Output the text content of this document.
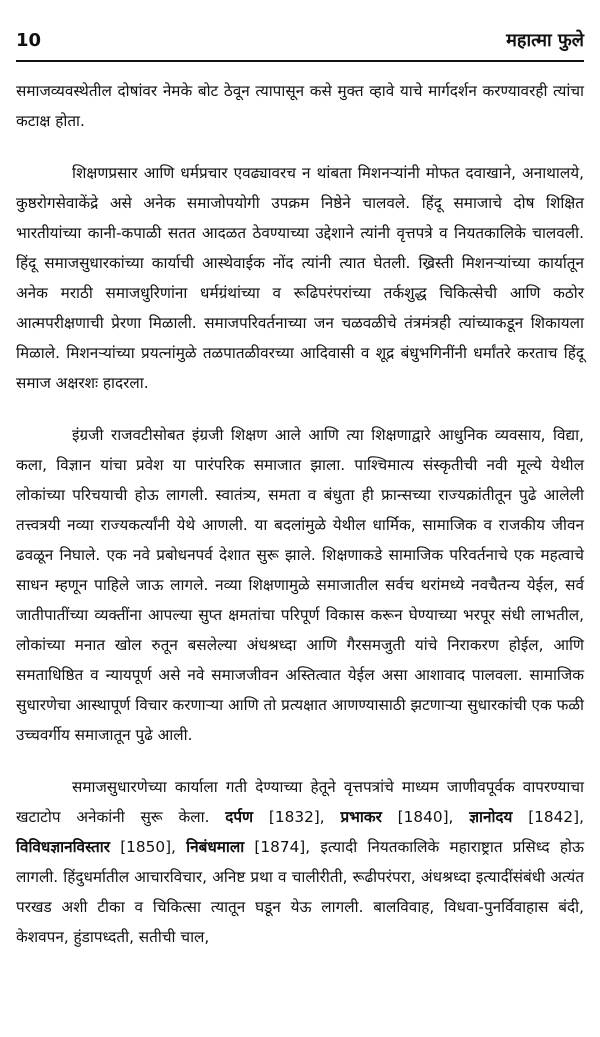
10	महात्मा फुले

समाजव्यवस्थेतील दोषांवर नेमके बोट ठेवून त्यापासून कसे मुक्त व्हावे याचे मार्गदर्शन करण्यावरही त्यांचा कटाक्ष होता.

शिक्षणप्रसार आणि धर्मप्रचार एवढ्यावरच न थांबता मिशनऱ्यांनी मोफत दवाखाने, अनाथालये, कुष्ठरोगसेवाकेंद्रे असे अनेक समाजोपयोगी उपक्रम निष्ठेने चालवले. हिंदू समाजाचे दोष शिक्षित भारतीयांच्या कानी-कपाळी सतत आदळत ठेवण्याच्या उद्देशाने त्यांनी वृत्तपत्रे व नियतकालिके चालवली. हिंदू समाजसुधारकांच्या कार्याची आस्थेवाईक नोंद त्यांनी त्यात घेतली. ख्रिस्ती मिशनऱ्यांच्या कार्यातून अनेक मराठी समाजधुरिणांना धर्मग्रंथांच्या व रूढिपरंपरांच्या तर्कशुद्ध चिकित्सेची आणि कठोर आत्मपरीक्षणाची प्रेरणा मिळाली. समाजपरिवर्तनाच्या जन चळवळीचे तंत्रमंत्रही त्यांच्याकडून शिकायला मिळाले. मिशनऱ्यांच्या प्रयत्नांमुळे तळपातळीवरच्या आदिवासी व शूद्र बंधुभगिनींनी धर्मांतरे करताच हिंदू समाज अक्षरशः हादरला.

इंग्रजी राजवटीसोबत इंग्रजी शिक्षण आले आणि त्या शिक्षणाद्वारे आधुनिक व्यवसाय, विद्या, कला, विज्ञान यांचा प्रवेश या पारंपरिक समाजात झाला. पाश्चिमात्य संस्कृतीची नवी मूल्ये येथील लोकांच्या परिचयाची होऊ लागली. स्वातंत्र्य, समता व बंधुता ही फ्रान्सच्या राज्यक्रांतीतून पुढे आलेली तत्त्वत्रयी नव्या राज्यकर्त्यांनी येथे आणली. या बदलांमुळे येथील धार्मिक, सामाजिक व राजकीय जीवन ढवळून निघाले. एक नवे प्रबोधनपर्व देशात सुरू झाले. शिक्षणाकडे सामाजिक परिवर्तनाचे एक महत्वाचे साधन म्हणून पाहिले जाऊ लागले. नव्या शिक्षणामुळे समाजातील सर्वच थरांमध्ये नवचैतन्य येईल, सर्व जातीपातींच्या व्यक्तींना आपल्या सुप्त क्षमतांचा परिपूर्ण विकास करून घेण्याच्या भरपूर संधी लाभतील, लोकांच्या मनात खोल रुतून बसलेल्या अंधश्रध्दा आणि गैरसमजुती यांचे निराकरण होईल, आणि समताधिष्ठित व न्यायपूर्ण असे नवे समाजजीवन अस्तित्वात येईल असा आशावाद पालवला. सामाजिक सुधारणेचा आस्थापूर्ण विचार करणाऱ्या आणि तो प्रत्यक्षात आणण्यासाठी झटणाऱ्या सुधारकांची एक फळी उच्चवर्गीय समाजातून पुढे आली.

समाजसुधारणेच्या कार्याला गती देण्याच्या हेतूने वृत्तपत्रांचे माध्यम जाणीवपूर्वक वापरण्याचा खटाटोप अनेकांनी सुरू केला. दर्पण [1832], प्रभाकर [1840], ज्ञानोदय [1842], विविधज्ञानविस्तार [1850], निबंधमाला [1874], इत्यादी नियतकालिके महाराष्ट्रात प्रसिध्द होऊ लागली. हिंदुधर्मातील आचारविचार, अनिष्ट प्रथा व चालीरीती, रूढीपरंपरा, अंधश्रध्दा इत्यादींसंबंधी अत्यंत परखड अशी टीका व चिकित्सा त्यातून घडून येऊ लागली. बालविवाह, विधवा-पुनर्विवाहास बंदी, केशवपन, हुंडापध्दती, सतीची चाल,
